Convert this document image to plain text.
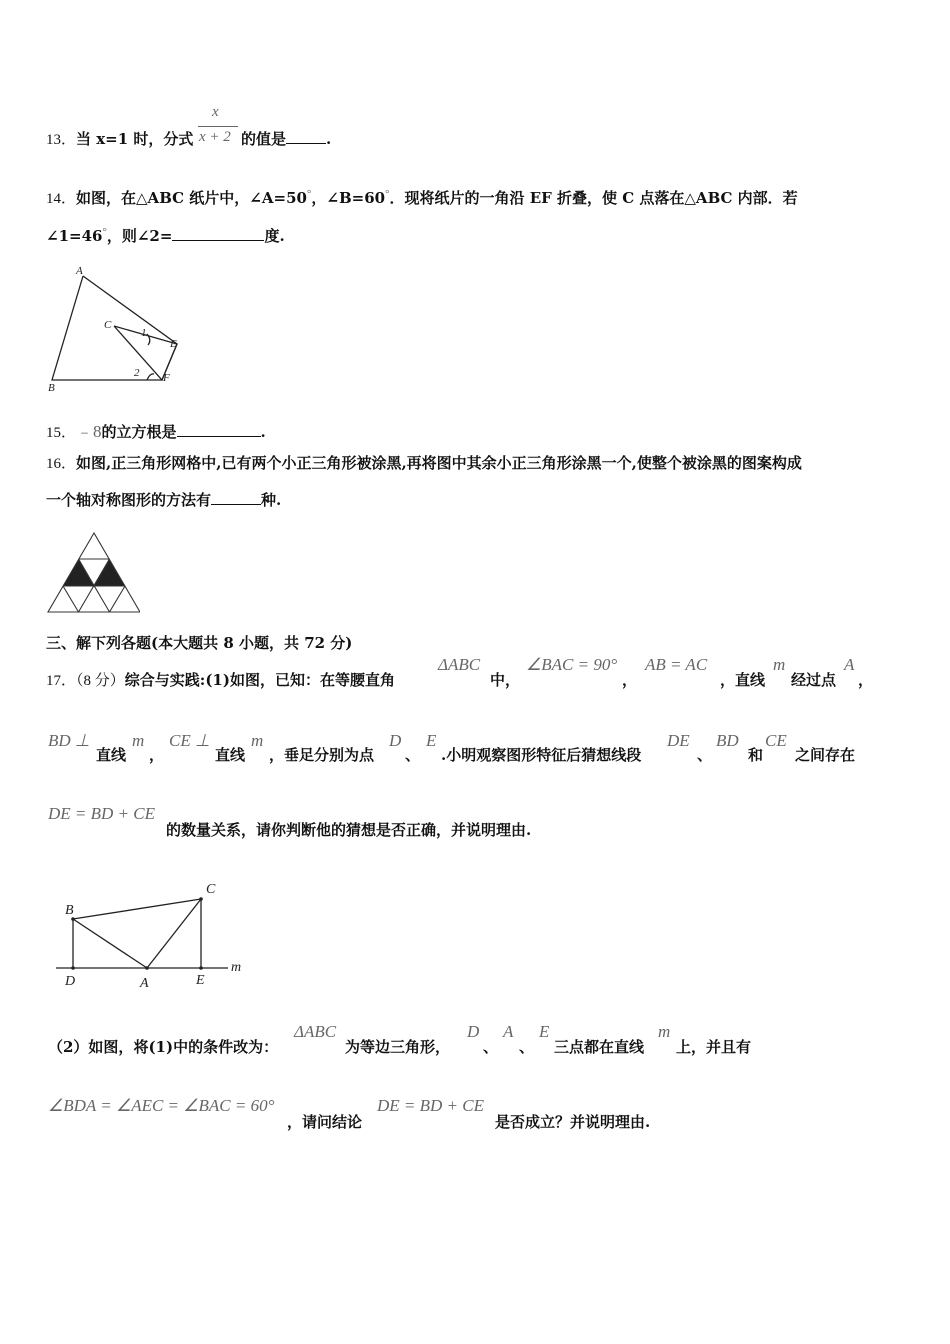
13．当 x=1 时，分式
x
x + 2 的值是	.
14．如图，在△ABC 纸片中，∠A=50°，∠B=60°．现将纸片的一角沿 EF 折叠，使 C 点落在△ABC 内部．若
∠1=46°，则∠2=	度.
A
B
C
E
F
1
2
15．﹣8的立方根是	.
16．如图,正三角形网格中,已有两个小正三角形被涂黑,再将图中其余小正三角形涂黑一个,使整个被涂黑的图案构成
一个轴对称图形的方法有	种.
三、解下列各题(本大题共 8 小题，共 72 分)
17．（8 分）综合与实践:(1)如图，已知：在等腰直角
ΔABC
中，
∠BAC = 90°
，
AB = AC
，直线
m
经过点
A
，
BD ⊥
直线
m
，
CE ⊥
直线
m
，垂足分别为点
D
、
E
.小明观察图形特征后猜想线段
DE
、
BD
和
CE
之间存在
DE = BD + CE
的数量关系，请你判断他的猜想是否正确，并说明理由.
B
C
D	A	E
m
（2）如图，将(1)中的条件改为：
ΔABC
为等边三角形，
D
、
A
、
E
三点都在直线
m
上，并且有
∠BDA = ∠AEC = ∠BAC = 60°
，请问结论
DE = BD + CE
是否成立？并说明理由.
